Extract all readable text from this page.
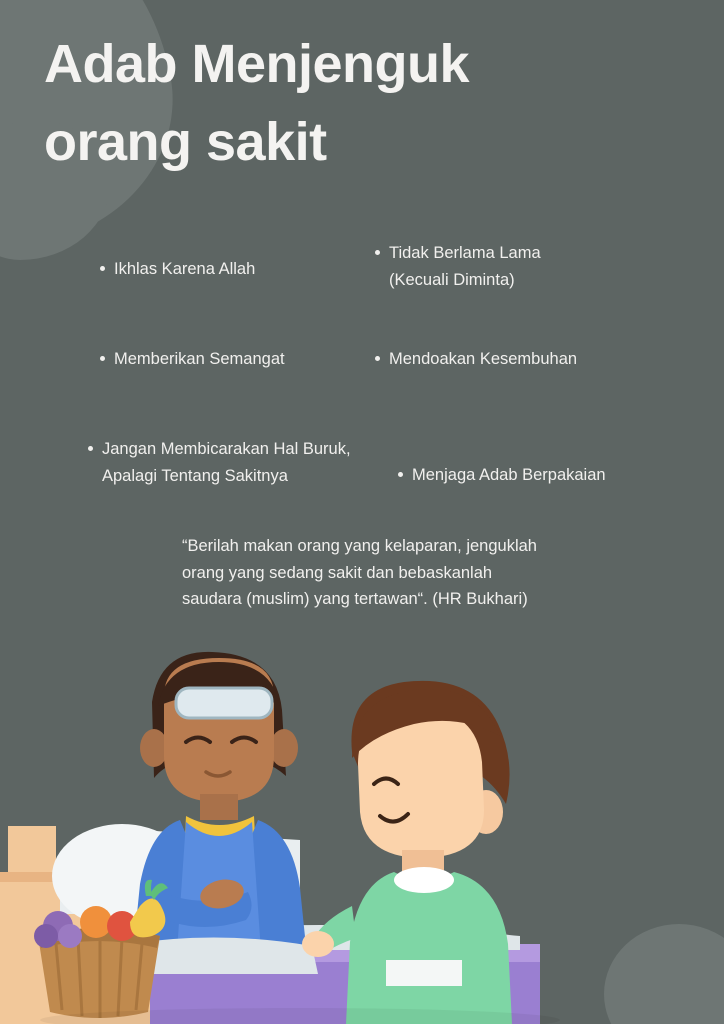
Adab Menjenguk
orang sakit
Ikhlas Karena Allah
Tidak Berlama Lama (Kecuali Diminta)
Memberikan Semangat	Mendoakan Kesembuhan
Jangan Membicarakan Hal Buruk, Apalagi Tentang Sakitnya	Menjaga Adab Berpakaian
“Berilah makan orang yang kelaparan, jenguklah orang yang sedang sakit dan bebaskanlah saudara (muslim) yang tertawan“. (HR Bukhari)
